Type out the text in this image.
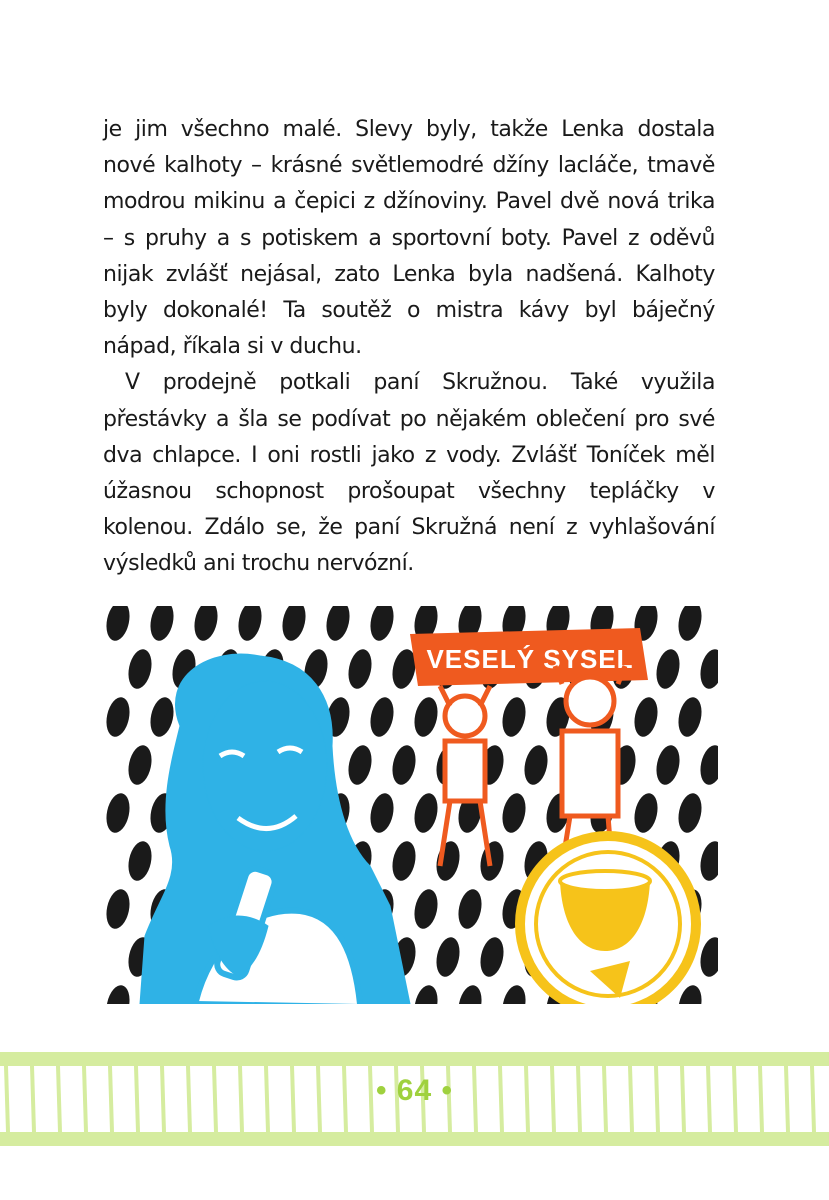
je jim všechno malé. Slevy byly, takže Lenka dostala nové kalhoty – krásné světlemodré džíny lacláče, tmavě modrou mikinu a čepici z džínoviny. Pavel dvě nová trika – s pruhy a s potiskem a sportovní boty. Pavel z oděvů nijak zvlášť nejásal, zato Lenka byla nadšená. Kalhoty byly dokonalé! Ta soutěž o mistra kávy byl báječný nápad, říkala si v duchu.

V prodejně potkali paní Skružnou. Také využila přestávky a šla se podívat po nějakém oblečení pro své dva chlapce. I oni rostli jako z vody. Zvlášť Toníček měl úžasnou schopnost prošoupat všechny tepláčky v kolenou. Zdálo se, že paní Skružná není z vyhlašování výsledků ani trochu nervózní.

VESELÝ SYSEL
• 64 •
